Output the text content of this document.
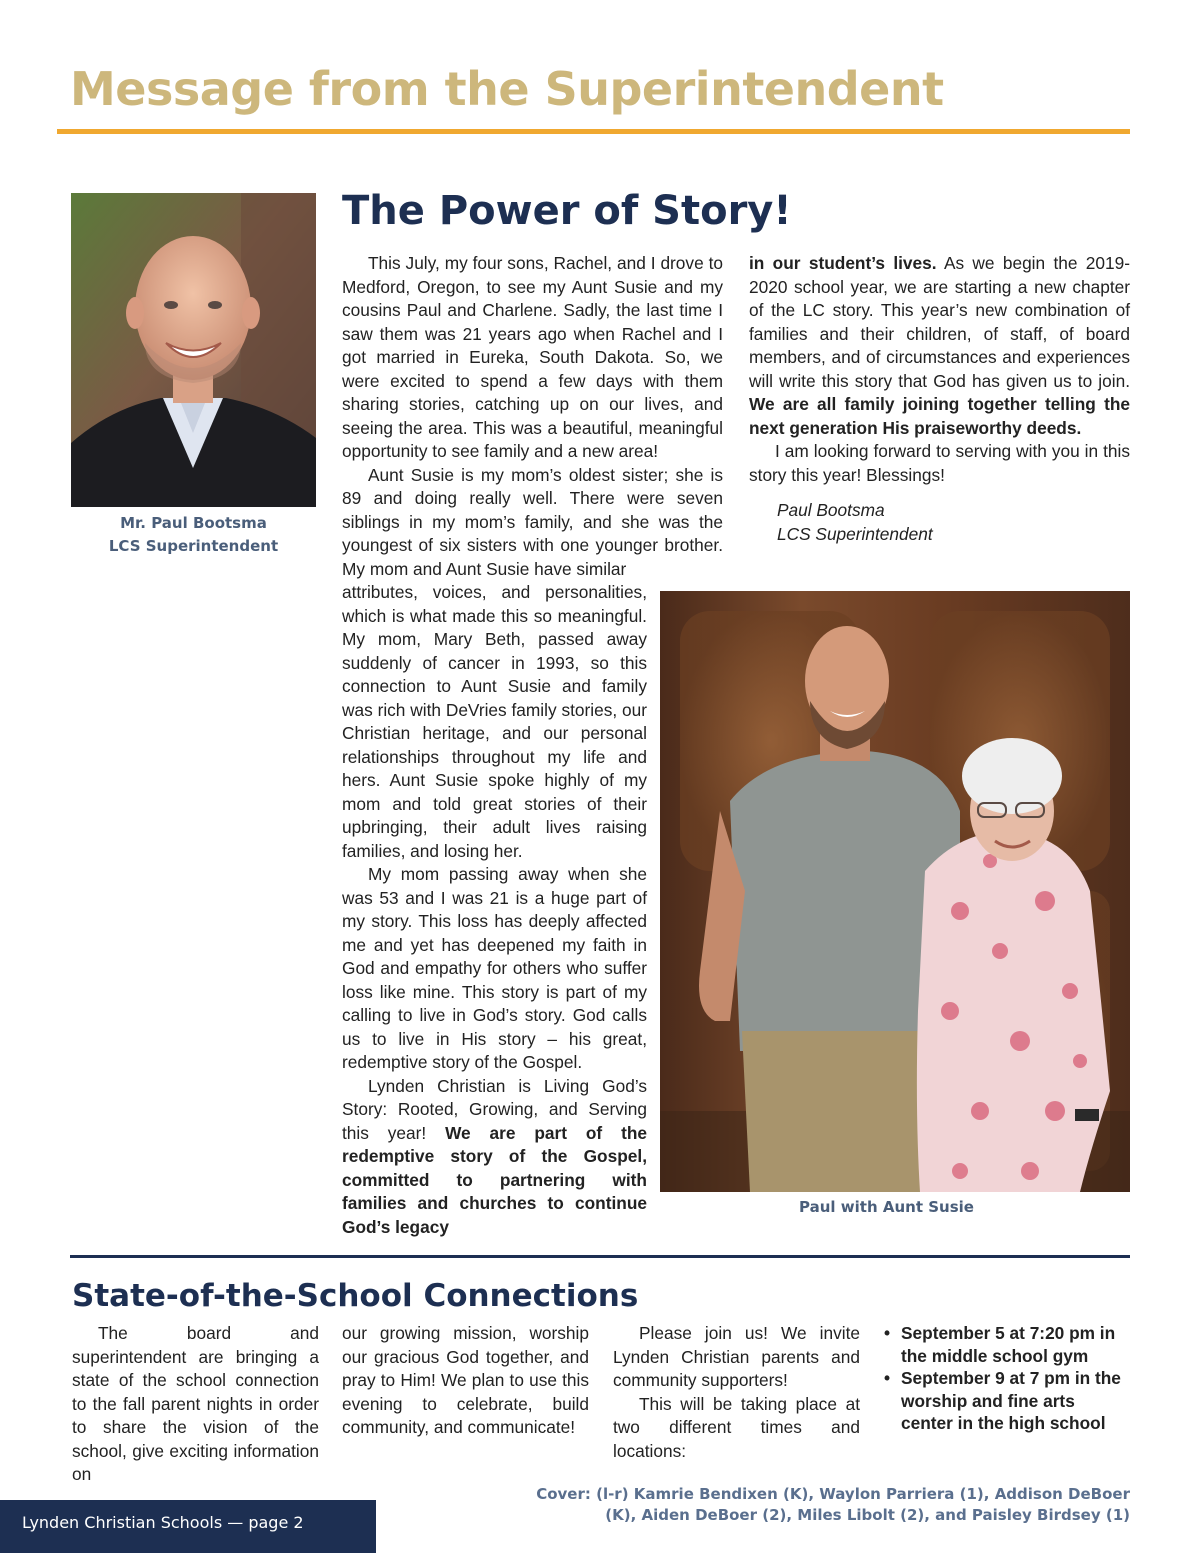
Message from the Superintendent
Mr. Paul Bootsma
LCS Superintendent
The Power of Story!

This July, my four sons, Rachel, and I drove to Medford, Oregon, to see my Aunt Susie and my cousins Paul and Charlene. Sadly, the last time I saw them was 21 years ago when Rachel and I got married in Eureka, South Dakota. So, we were excited to spend a few days with them sharing stories, catching up on our lives, and seeing the area. This was a beautiful, meaningful opportunity to see family and a new area!

Aunt Susie is my mom’s oldest sister; she is 89 and doing really well. There were seven siblings in my mom’s family, and she was the youngest of six sisters with one younger brother. My mom and Aunt Susie have similar

attributes, voices, and personalities, which is what made this so meaningful. My mom, Mary Beth, passed away suddenly of cancer in 1993, so this connection to Aunt Susie and family was rich with DeVries family stories, our Christian heritage, and our personal relationships throughout my life and hers. Aunt Susie spoke highly of my mom and told great stories of their upbringing, their adult lives raising families, and losing her.

My mom passing away when she was 53 and I was 21 is a huge part of my story. This loss has deeply affected me and yet has deepened my faith in God and empathy for others who suffer loss like mine. This story is part of my calling to live in God’s story. God calls us to live in His story – his great, redemptive story of the Gospel.

Lynden Christian is Living God’s Story: Rooted, Growing, and Serving this year! We are part of the redemptive story of the Gospel, committed to partnering with families and churches to continue God’s legacy

in our student’s lives. As we begin the 2019-2020 school year, we are starting a new chapter of the LC story. This year’s new combination of families and their children, of staff, of board members, and of circumstances and experiences will write this story that God has given us to join. We are all family joining together telling the next generation His praiseworthy deeds.

I am looking forward to serving with you in this story this year! Blessings!

Paul Bootsma

LCS Superintendent

Paul with Aunt Susie
State-of-the-School Connections

The board and superintendent are bringing a state of the school connection to the fall parent nights in order to share the vision of the school, give exciting information on

our growing mission, worship our gracious God together, and pray to Him! We plan to use this evening to celebrate, build community, and communicate!

Please join us! We invite Lynden Christian parents and community supporters!

This will be taking place at two different times and locations:

• September 5 at 7:20 pm in the middle school gym
• September 9 at 7 pm in the worship and fine arts center in the high school
Cover: (l-r) Kamrie Bendixen (K), Waylon Parriera (1), Addison DeBoer
(K), Aiden DeBoer (2), Miles Libolt (2), and Paisley Birdsey (1)
Lynden Christian Schools — page 2
